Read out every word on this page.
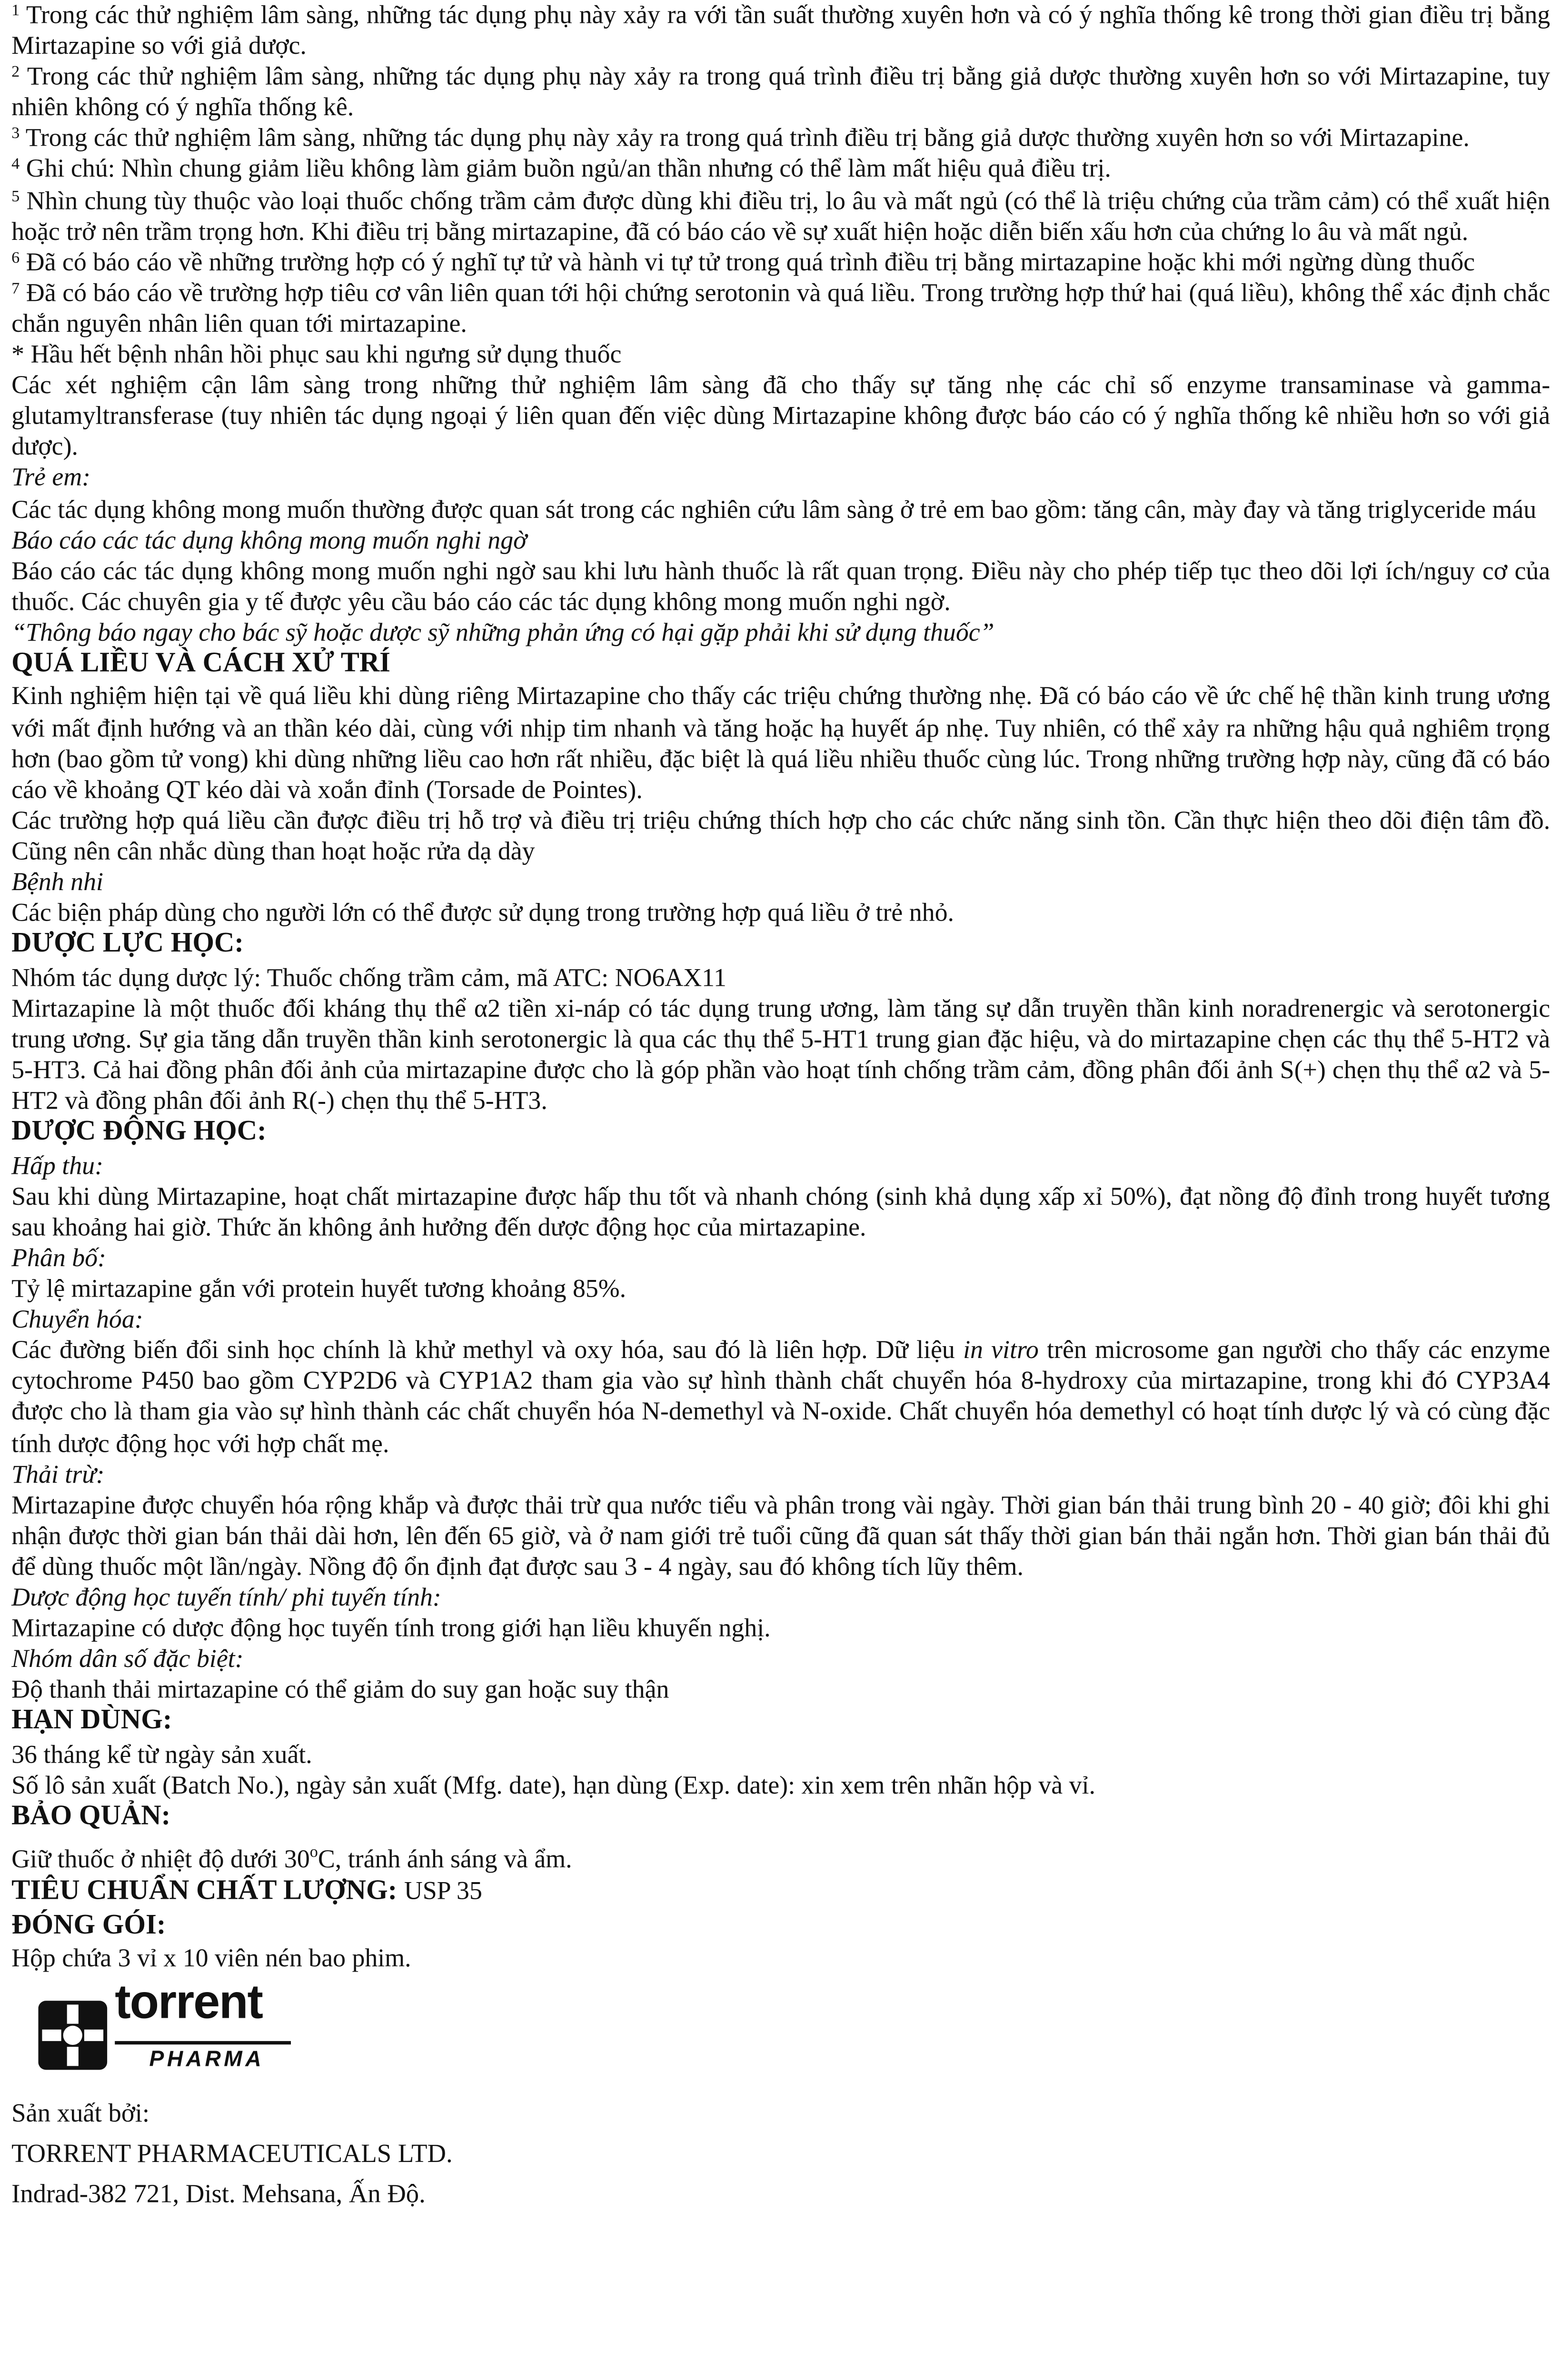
$^1$ Trong các thử nghiệm lâm sàng, những tác dụng phụ này xảy ra với tần suất thường xuyên hơn và có ý nghĩa thống kê trong thời gian điều trị bằng Mirtazapine so với giả dược.

$^2$ Trong các thử nghiệm lâm sàng, những tác dụng phụ này xảy ra trong quá trình điều trị bằng giả dược thường xuyên hơn so với Mirtazapine, tuy nhiên không có ý nghĩa thống kê.

$^3$ Trong các thử nghiệm lâm sàng, những tác dụng phụ này xảy ra trong quá trình điều trị bằng giả dược thường xuyên hơn so với Mirtazapine.

$^4$ Ghi chú: Nhìn chung giảm liều không làm giảm buồn ngủ/an thần nhưng có thể làm mất hiệu quả điều trị.

$^5$ Nhìn chung tùy thuộc vào loại thuốc chống trầm cảm được dùng khi điều trị, lo âu và mất ngủ (có thể là triệu chứng của trầm cảm) có thể xuất hiện hoặc trở nên trầm trọng hơn. Khi điều trị bằng mirtazapine, đã có báo cáo về sự xuất hiện hoặc diễn biến xấu hơn của chứng lo âu và mất ngủ.

$^6$ Đã có báo cáo về những trường hợp có ý nghĩ tự tử và hành vi tự tử trong quá trình điều trị bằng mirtazapine hoặc khi mới ngừng dùng thuốc

$^7$ Đã có báo cáo về trường hợp tiêu cơ vân liên quan tới hội chứng serotonin và quá liều. Trong trường hợp thứ hai (quá liều), không thể xác định chắc chắn nguyên nhân liên quan tới mirtazapine.

* Hầu hết bệnh nhân hồi phục sau khi ngưng sử dụng thuốc

Các xét nghiệm cận lâm sàng trong những thử nghiệm lâm sàng đã cho thấy sự tăng nhẹ các chỉ số enzyme transaminase và gamma-glutamyltransferase (tuy nhiên tác dụng ngoại ý liên quan đến việc dùng Mirtazapine không được báo cáo có ý nghĩa thống kê nhiều hơn so với giả dược).

Trẻ em:

Các tác dụng không mong muốn thường được quan sát trong các nghiên cứu lâm sàng ở trẻ em bao gồm: tăng cân, mày đay và tăng triglyceride máu

Báo cáo các tác dụng không mong muốn nghi ngờ

Báo cáo các tác dụng không mong muốn nghi ngờ sau khi lưu hành thuốc là rất quan trọng. Điều này cho phép tiếp tục theo dõi lợi ích/nguy cơ của thuốc. Các chuyên gia y tế được yêu cầu báo cáo các tác dụng không mong muốn nghi ngờ.

“Thông báo ngay cho bác sỹ hoặc dược sỹ những phản ứng có hại gặp phải khi sử dụng thuốc”

QUÁ LIỀU VÀ CÁCH XỬ TRÍ

Kinh nghiệm hiện tại về quá liều khi dùng riêng Mirtazapine cho thấy các triệu chứng thường nhẹ. Đã có báo cáo về ức chế hệ thần kinh trung ương với mất định hướng và an thần kéo dài, cùng với nhịp tim nhanh và tăng hoặc hạ huyết áp nhẹ. Tuy nhiên, có thể xảy ra những hậu quả nghiêm trọng hơn (bao gồm tử vong) khi dùng những liều cao hơn rất nhiều, đặc biệt là quá liều nhiều thuốc cùng lúc. Trong những trường hợp này, cũng đã có báo cáo về khoảng QT kéo dài và xoắn đỉnh (Torsade de Pointes).

Các trường hợp quá liều cần được điều trị hỗ trợ và điều trị triệu chứng thích hợp cho các chức năng sinh tồn. Cần thực hiện theo dõi điện tâm đồ. Cũng nên cân nhắc dùng than hoạt hoặc rửa dạ dày

Bệnh nhi

Các biện pháp dùng cho người lớn có thể được sử dụng trong trường hợp quá liều ở trẻ nhỏ.

DƯỢC LỰC HỌC:

Nhóm tác dụng dược lý: Thuốc chống trầm cảm, mã ATC: NO6AX11

Mirtazapine là một thuốc đối kháng thụ thể α2 tiền xi-náp có tác dụng trung ương, làm tăng sự dẫn truyền thần kinh noradrenergic và serotonergic trung ương. Sự gia tăng dẫn truyền thần kinh serotonergic là qua các thụ thể 5-HT1 trung gian đặc hiệu, và do mirtazapine chẹn các thụ thể 5-HT2 và 5-HT3. Cả hai đồng phân đối ảnh của mirtazapine được cho là góp phần vào hoạt tính chống trầm cảm, đồng phân đối ảnh S(+) chẹn thụ thể α2 và 5-HT2 và đồng phân đối ảnh R(-) chẹn thụ thể 5-HT3.

DƯỢC ĐỘNG HỌC:

Hấp thu:

Sau khi dùng Mirtazapine, hoạt chất mirtazapine được hấp thu tốt và nhanh chóng (sinh khả dụng xấp xỉ 50%), đạt nồng độ đỉnh trong huyết tương sau khoảng hai giờ. Thức ăn không ảnh hưởng đến dược động học của mirtazapine.

Phân bố:

Tỷ lệ mirtazapine gắn với protein huyết tương khoảng 85%.

Chuyển hóa:

Các đường biến đổi sinh học chính là khử methyl và oxy hóa, sau đó là liên hợp. Dữ liệu in vitro trên microsome gan người cho thấy các enzyme cytochrome P450 bao gồm CYP2D6 và CYP1A2 tham gia vào sự hình thành chất chuyển hóa 8-hydroxy của mirtazapine, trong khi đó CYP3A4 được cho là tham gia vào sự hình thành các chất chuyển hóa N-demethyl và N-oxide. Chất chuyển hóa demethyl có hoạt tính dược lý và có cùng đặc tính dược động học với hợp chất mẹ.

Thải trừ:

Mirtazapine được chuyển hóa rộng khắp và được thải trừ qua nước tiểu và phân trong vài ngày. Thời gian bán thải trung bình 20 - 40 giờ; đôi khi ghi nhận được thời gian bán thải dài hơn, lên đến 65 giờ, và ở nam giới trẻ tuổi cũng đã quan sát thấy thời gian bán thải ngắn hơn. Thời gian bán thải đủ để dùng thuốc một lần/ngày. Nồng độ ổn định đạt được sau 3 - 4 ngày, sau đó không tích lũy thêm.

Dược động học tuyến tính/ phi tuyến tính:

Mirtazapine có dược động học tuyến tính trong giới hạn liều khuyến nghị.

Nhóm dân số đặc biệt:

Độ thanh thải mirtazapine có thể giảm do suy gan hoặc suy thận

HẠN DÙNG:

36 tháng kể từ ngày sản xuất.

Số lô sản xuất (Batch No.), ngày sản xuất (Mfg. date), hạn dùng (Exp. date): xin xem trên nhãn hộp và vỉ.

BẢO QUẢN:

Giữ thuốc ở nhiệt độ dưới 30$^o$C, tránh ánh sáng và ẩm.

TIÊU CHUẨN CHẤT LƯỢNG: USP 35

ĐÓNG GÓI:

Hộp chứa 3 vỉ x 10 viên nén bao phim.

torrent
PHARMA

Sản xuất bởi:

TORRENT PHARMACEUTICALS LTD.

Indrad-382 721, Dist. Mehsana, Ấn Độ.
